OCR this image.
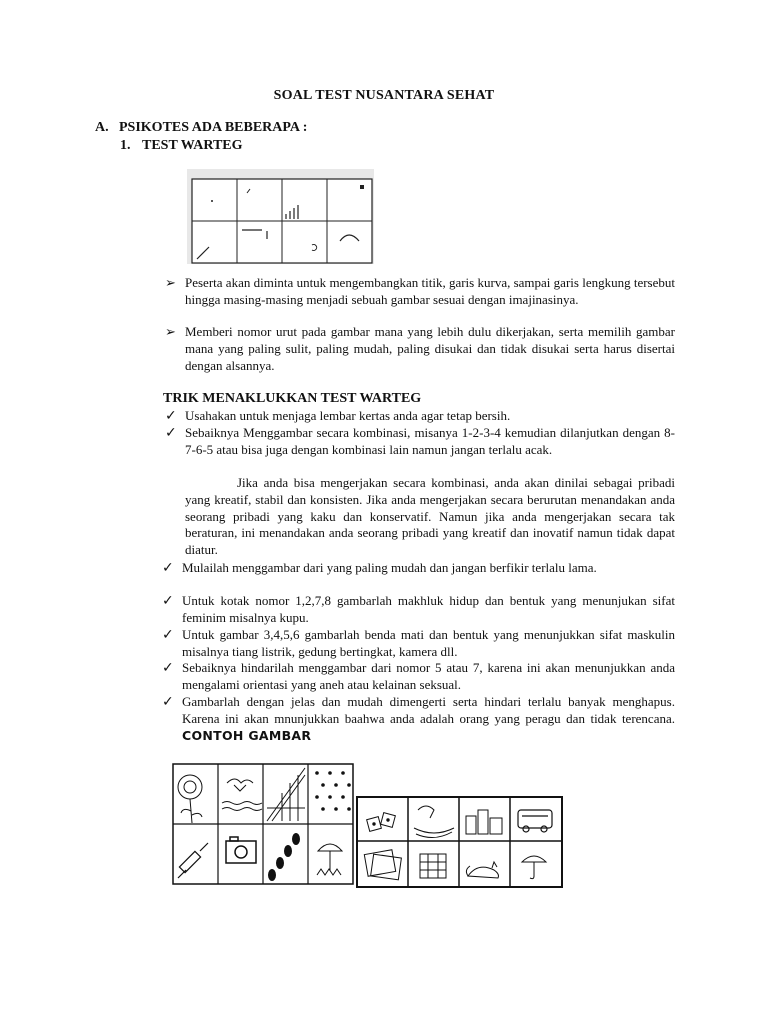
SOAL TEST NUSANTARA SEHAT
A. PSIKOTES ADA BEBERAPA :
1. TEST WARTEG
➢ Peserta akan diminta untuk mengembangkan titik, garis kurva, sampai garis lengkung tersebut hingga masing-masing menjadi sebuah gambar sesuai dengan imajinasinya.
➢ Memberi nomor urut pada gambar mana yang lebih dulu dikerjakan, serta memilih gambar mana yang paling sulit, paling mudah, paling disukai dan tidak disukai serta harus disertai dengan alsannya.
TRIK MENAKLUKKAN TEST WARTEG
✓ Usahakan untuk menjaga lembar kertas anda agar tetap bersih.
✓ Sebaiknya Menggambar secara kombinasi, misanya 1-2-3-4 kemudian dilanjutkan dengan 8-7-6-5 atau bisa juga dengan kombinasi lain namun jangan terlalu acak.
Jika anda bisa mengerjakan secara kombinasi, anda akan dinilai sebagai pribadi yang kreatif, stabil dan konsisten. Jika anda mengerjakan secara berurutan menandakan anda seorang pribadi yang kaku dan konservatif. Namun jika anda mengerjakan secara tak beraturan, ini menandakan anda seorang pribadi yang kreatif dan inovatif namun tidak dapat diatur.
✓ Mulailah menggambar dari yang paling mudah dan jangan berfikir terlalu lama.
✓ Untuk kotak nomor 1,2,7,8 gambarlah makhluk hidup dan bentuk yang menunjukan sifat feminim misalnya kupu.
✓ Untuk gambar 3,4,5,6 gambarlah benda mati dan bentuk yang menunjukkan sifat maskulin misalnya tiang listrik, gedung bertingkat, kamera dll.
✓ Sebaiknya hindarilah menggambar dari nomor 5 atau 7, karena ini akan menunjukkan anda mengalami orientasi yang aneh atau kelainan seksual.
✓ Gambarlah dengan jelas dan mudah dimengerti serta hindari terlalu banyak menghapus. Karena ini akan mnunjukkan baahwa anda adalah orang yang peragu dan tidak terencana. CONTOH GAMBAR
